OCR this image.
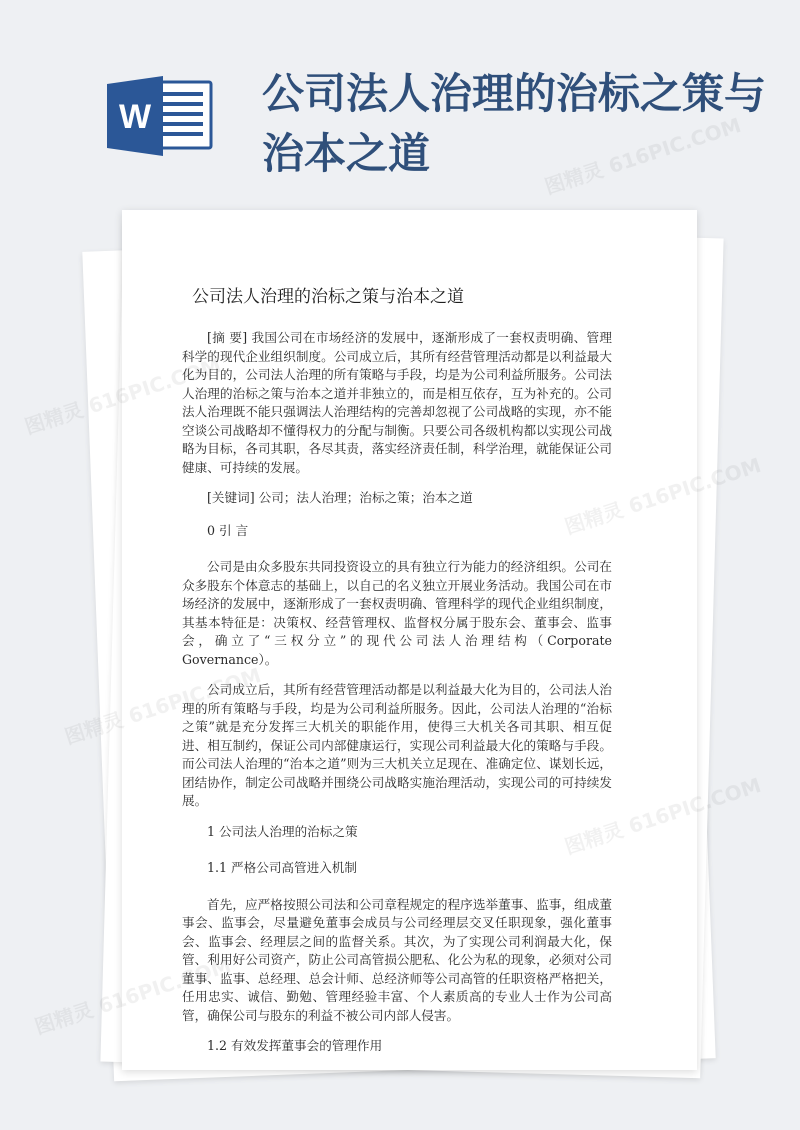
W	公司法人治理的治标之策与治本之道
公司法人治理的治标之策与治本之道

[摘 要] 我国公司在市场经济的发展中，逐渐形成了一套权责明确、管理科学的现代企业组织制度。公司成立后，其所有经营管理活动都是以利益最大化为目的，公司法人治理的所有策略与手段，均是为公司利益所服务。公司法人治理的治标之策与治本之道并非独立的，而是相互依存，互为补充的。公司法人治理既不能只强调法人治理结构的完善却忽视了公司战略的实现，亦不能空谈公司战略却不懂得权力的分配与制衡。只要公司各级机构都以实现公司战略为目标，各司其职，各尽其责，落实经济责任制，科学治理，就能保证公司健康、可持续的发展。

[关键词] 公司；法人治理；治标之策；治本之道

0 引 言

公司是由众多股东共同投资设立的具有独立行为能力的经济组织。公司在众多股东个体意志的基础上，以自己的名义独立开展业务活动。我国公司在市场经济的发展中，逐渐形成了一套权责明确、管理科学的现代企业组织制度，其基本特征是：决策权、经营管理权、监督权分属于股东会、董事会、监事会，确立了“三权分立”的现代公司法人治理结构（Corporate Governance）。

公司成立后，其所有经营管理活动都是以利益最大化为目的，公司法人治理的所有策略与手段，均是为公司利益所服务。因此，公司法人治理的“治标之策”就是充分发挥三大机关的职能作用，使得三大机关各司其职、相互促进、相互制约，保证公司内部健康运行，实现公司利益最大化的策略与手段。而公司法人治理的“治本之道”则为三大机关立足现在、准确定位、谋划长远，团结协作，制定公司战略并围绕公司战略实施治理活动，实现公司的可持续发展。

1 公司法人治理的治标之策

1.1 严格公司高管进入机制

首先，应严格按照公司法和公司章程规定的程序选举董事、监事，组成董事会、监事会，尽量避免董事会成员与公司经理层交叉任职现象，强化董事会、监事会、经理层之间的监督关系。其次，为了实现公司利润最大化，保管、利用好公司资产，防止公司高管损公肥私、化公为私的现象，必须对公司董事、监事、总经理、总会计师、总经济师等公司高管的任职资格严格把关，任用忠实、诚信、勤勉、管理经验丰富、个人素质高的专业人士作为公司高管，确保公司与股东的利益不被公司内部人侵害。

1.2 有效发挥董事会的管理作用

图精灵 616PIC.COM
图精灵
图精灵
图精灵
